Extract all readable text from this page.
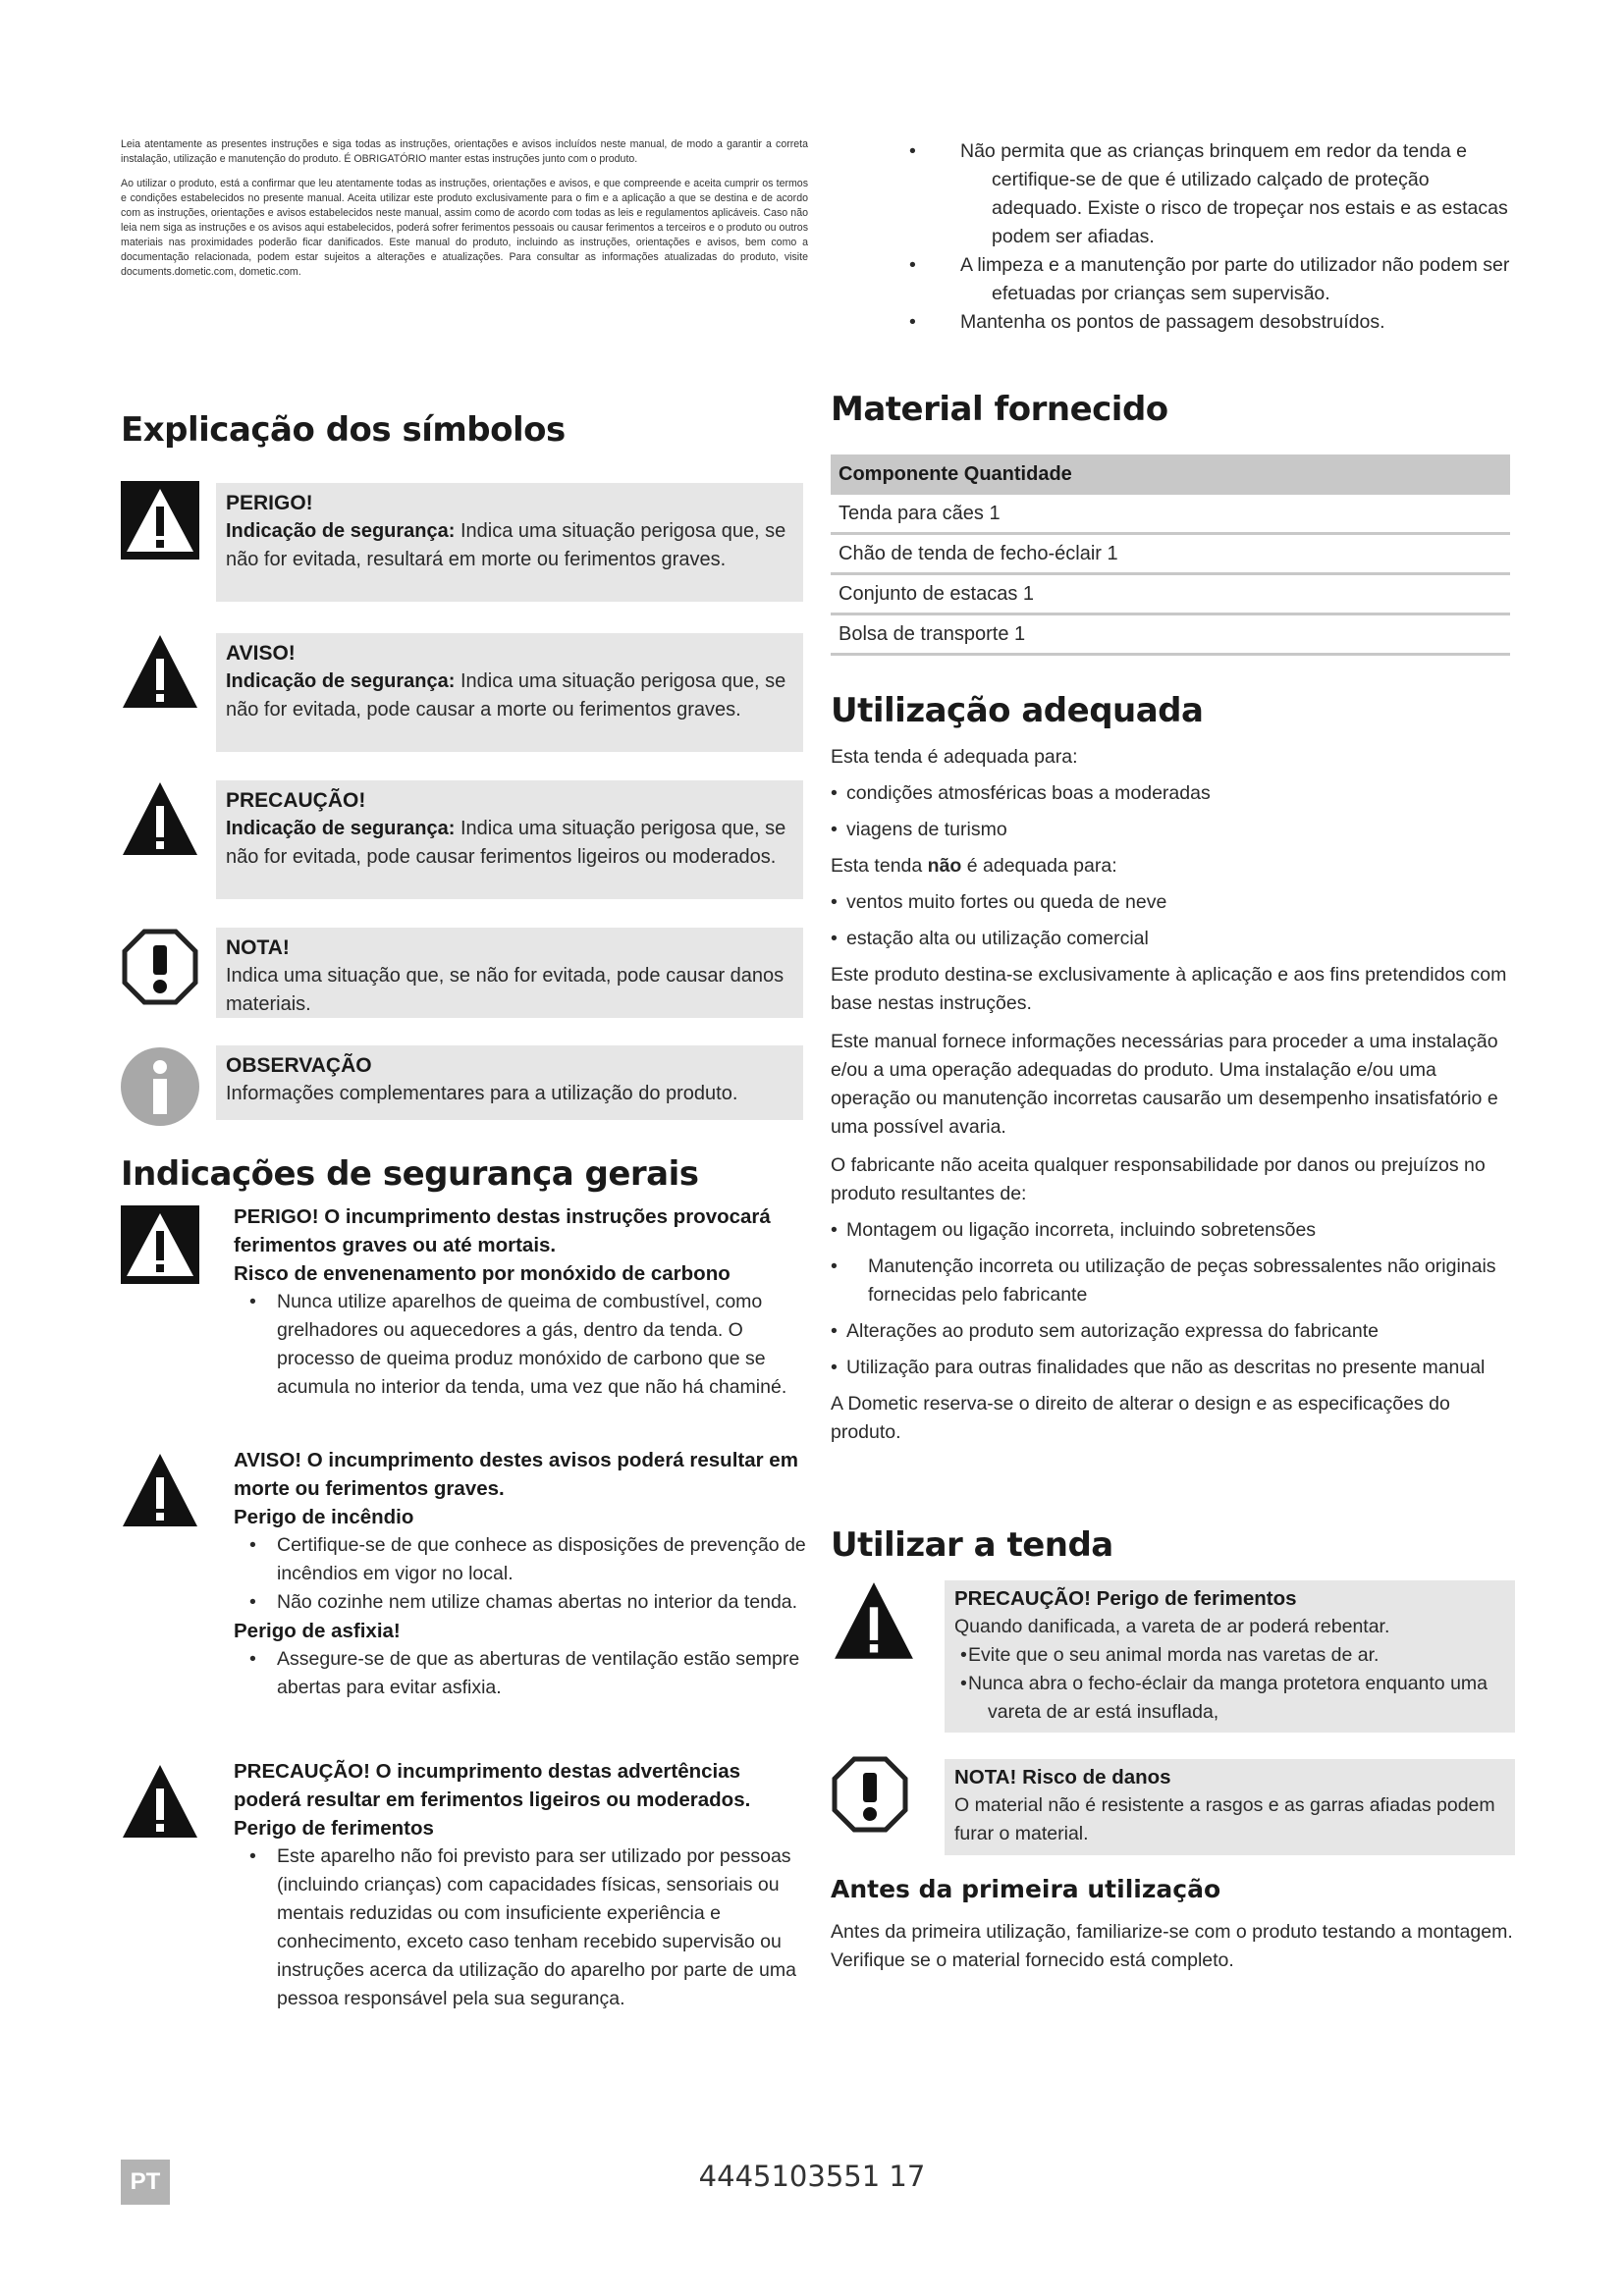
Leia atentamente as presentes instruções e siga todas as instruções, orientações e avisos incluídos neste manual, de modo a garantir a correta instalação, utilização e manutenção do produto. É OBRIGATÓRIO manter estas instruções junto com o produto.

Ao utilizar o produto, está a confirmar que leu atentamente todas as instruções, orientações e avisos, e que compreende e aceita cumprir os termos e condições estabelecidos no presente manual. Aceita utilizar este produto exclusivamente para o fim e a aplicação a que se destina e de acordo com as instruções, orientações e avisos estabelecidos neste manual, assim como de acordo com todas as leis e regulamentos aplicáveis. Caso não leia nem siga as instruções e os avisos aqui estabelecidos, poderá sofrer ferimentos pessoais ou causar ferimentos a terceiros e o produto ou outros materiais nas proximidades poderão ficar danificados. Este manual do produto, incluindo as instruções, orientações e avisos, bem como a documentação relacionada, podem estar sujeitos a alterações e atualizações. Para consultar as informações atualizadas do produto, visite documents.dometic.com, dometic.com.

Explicação dos símbolos
PERIGO!
Indicação de segurança: Indica uma situação perigosa que, se não for evitada, resultará em morte ou ferimentos graves.
AVISO!
Indicação de segurança: Indica uma situação perigosa que, se não for evitada, pode causar a morte ou ferimentos graves.
PRECAUÇÃO!
Indicação de segurança: Indica uma situação perigosa que, se não for evitada, pode causar ferimentos ligeiros ou moderados.
NOTA!
Indica uma situação que, se não for evitada, pode causar danos materiais.
OBSERVAÇÃO
Informações complementares para a utilização do produto.
Indicações de segurança gerais
PERIGO! O incumprimento destas instruções provocará ferimentos graves ou até mortais.
Risco de envenenamento por monóxido de carbono
• Nunca utilize aparelhos de queima de combustível, como grelhadores ou aquecedores a gás, dentro da tenda. O processo de queima produz monóxido de carbono que se acumula no interior da tenda, uma vez que não há chaminé.
AVISO! O incumprimento destes avisos poderá resultar em morte ou ferimentos graves.
Perigo de incêndio
• Certifique-se de que conhece as disposições de prevenção de incêndios em vigor no local.
• Não cozinhe nem utilize chamas abertas no interior da tenda.
Perigo de asfixia!
• Assegure-se de que as aberturas de ventilação estão sempre abertas para evitar asfixia.
PRECAUÇÃO! O incumprimento destas advertências poderá resultar em ferimentos ligeiros ou moderados.
Perigo de ferimentos
• Este aparelho não foi previsto para ser utilizado por pessoas (incluindo crianças) com capacidades físicas, sensoriais ou mentais reduzidas ou com insuficiente experiência e conhecimento, exceto caso tenham recebido supervisão ou instruções acerca da utilização do aparelho por parte de uma pessoa responsável pela sua segurança.
• Não permita que as crianças brinquem em redor da tenda e certifique-se de que é utilizado calçado de proteção adequado. Existe o risco de tropeçar nos estais e as estacas podem ser afiadas.
• A limpeza e a manutenção por parte do utilizador não podem ser efetuadas por crianças sem supervisão.
• Mantenha os pontos de passagem desobstruídos.
Material fornecido
Componente Quantidade
Tenda para cães 1
Chão de tenda de fecho-éclair 1
Conjunto de estacas 1
Bolsa de transporte 1
Utilização adequada

Esta tenda é adequada para:

• condições atmosféricas boas a moderadas
• viagens de turismo

Esta tenda não é adequada para:

• ventos muito fortes ou queda de neve
• estação alta ou utilização comercial

Este produto destina-se exclusivamente à aplicação e aos fins pretendidos com base nestas instruções.

Este manual fornece informações necessárias para proceder a uma instalação e/ou a uma operação adequadas do produto. Uma instalação e/ou uma operação ou manutenção incorretas causarão um desempenho insatisfatório e uma possível avaria.

O fabricante não aceita qualquer responsabilidade por danos ou prejuízos no produto resultantes de:

• Montagem ou ligação incorreta, incluindo sobretensões
• Manutenção incorreta ou utilização de peças sobressalentes não originais fornecidas pelo fabricante
• Alterações ao produto sem autorização expressa do fabricante
• Utilização para outras finalidades que não as descritas no presente manual

A Dometic reserva-se o direito de alterar o design e as especificações do produto.

Utilizar a tenda
PRECAUÇÃO! Perigo de ferimentos
Quando danificada, a vareta de ar poderá rebentar.
• Evite que o seu animal morda nas varetas de ar.
• Nunca abra o fecho-éclair da manga protetora enquanto uma vareta de ar está insuflada,
NOTA! Risco de danos
O material não é resistente a rasgos e as garras afiadas podem furar o material.
Antes da primeira utilização

Antes da primeira utilização, familiarize-se com o produto testando a montagem. Verifique se o material fornecido está completo.

PT	4445103551 17
